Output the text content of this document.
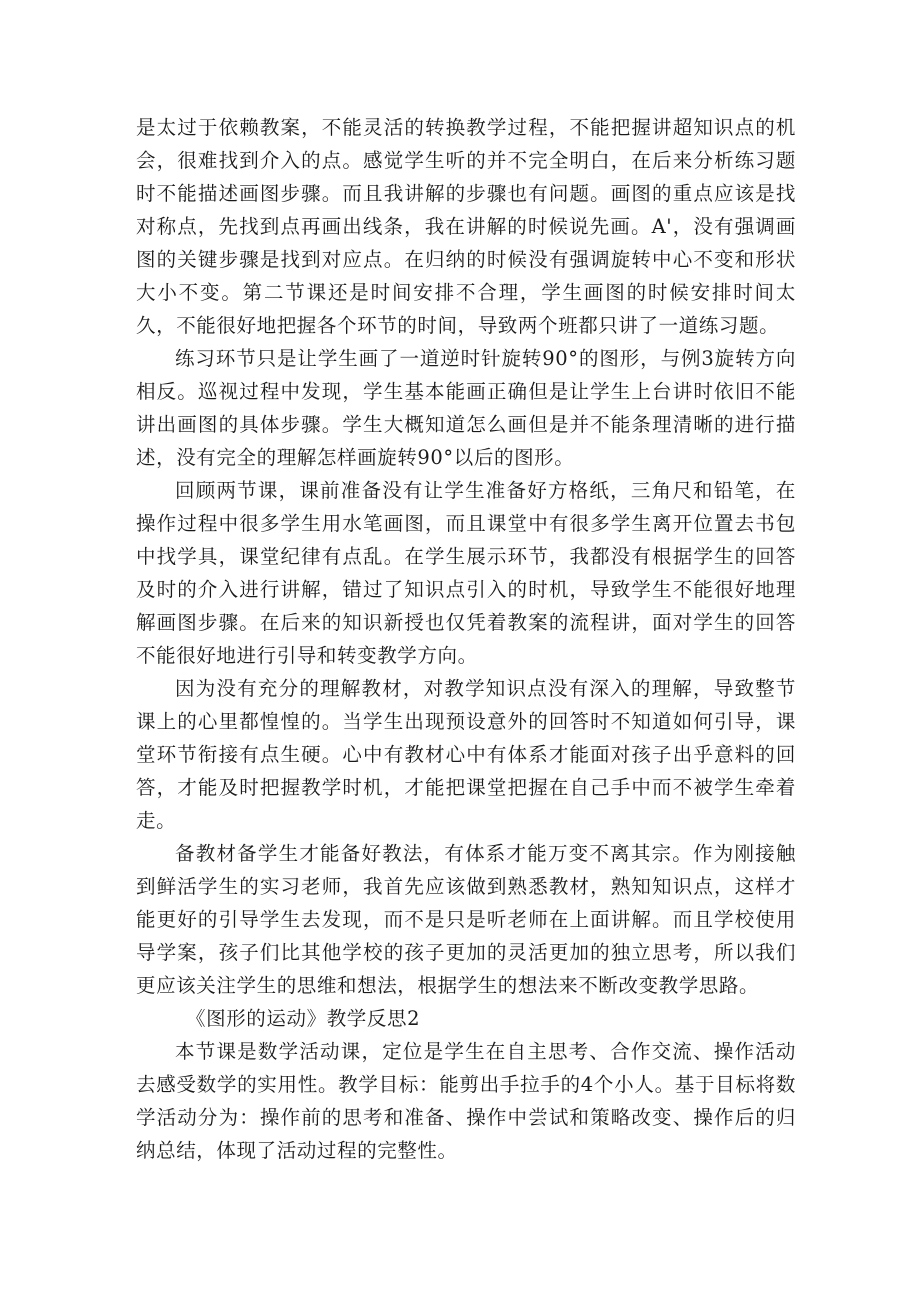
是太过于依赖教案，不能灵活的转换教学过程，不能把握讲超知识点的机会，很难找到介入的点。感觉学生听的并不完全明白，在后来分析练习题时不能描述画图步骤。而且我讲解的步骤也有问题。画图的重点应该是找对称点，先找到点再画出线条，我在讲解的时候说先画。A'，没有强调画图的关键步骤是找到对应点。在归纳的时候没有强调旋转中心不变和形状大小不变。第二节课还是时间安排不合理，学生画图的时候安排时间太久，不能很好地把握各个环节的时间，导致两个班都只讲了一道练习题。

练习环节只是让学生画了一道逆时针旋转90°的图形，与例3旋转方向相反。巡视过程中发现，学生基本能画正确但是让学生上台讲时依旧不能讲出画图的具体步骤。学生大概知道怎么画但是并不能条理清晰的进行描述，没有完全的理解怎样画旋转90°以后的图形。

回顾两节课，课前准备没有让学生准备好方格纸，三角尺和铅笔，在操作过程中很多学生用水笔画图，而且课堂中有很多学生离开位置去书包中找学具，课堂纪律有点乱。在学生展示环节，我都没有根据学生的回答及时的介入进行讲解，错过了知识点引入的时机，导致学生不能很好地理解画图步骤。在后来的知识新授也仅凭着教案的流程讲，面对学生的回答不能很好地进行引导和转变教学方向。

因为没有充分的理解教材，对教学知识点没有深入的理解，导致整节课上的心里都惶惶的。当学生出现预设意外的回答时不知道如何引导，课堂环节衔接有点生硬。心中有教材心中有体系才能面对孩子出乎意料的回答，才能及时把握教学时机，才能把课堂把握在自己手中而不被学生牵着走。

备教材备学生才能备好教法，有体系才能万变不离其宗。作为刚接触到鲜活学生的实习老师，我首先应该做到熟悉教材，熟知知识点，这样才能更好的引导学生去发现，而不是只是听老师在上面讲解。而且学校使用导学案，孩子们比其他学校的孩子更加的灵活更加的独立思考，所以我们更应该关注学生的思维和想法，根据学生的想法来不断改变教学思路。

《图形的运动》教学反思2

本节课是数学活动课，定位是学生在自主思考、合作交流、操作活动去感受数学的实用性。教学目标：能剪出手拉手的4个小人。基于目标将数学活动分为：操作前的思考和准备、操作中尝试和策略改变、操作后的归纳总结，体现了活动过程的完整性。
